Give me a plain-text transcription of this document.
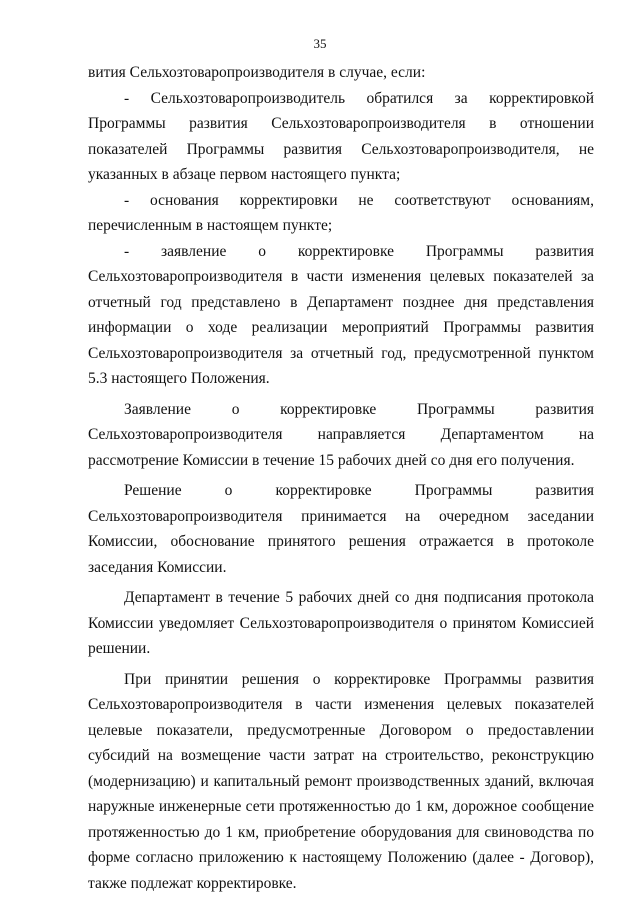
35

вития Сельхозтоваропроизводителя в случае, если:

- Сельхозтоваропроизводитель обратился за корректировкой Программы развития Сельхозтоваропроизводителя в отношении показателей Программы развития Сельхозтоваропроизводителя, не указанных в абзаце первом настоящего пункта;

- основания корректировки не соответствуют основаниям, перечисленным в настоящем пункте;

- заявление о корректировке Программы развития Сельхозтоваропроизводителя в части изменения целевых показателей за отчетный год представлено в Департамент позднее дня представления информации о ходе реализации мероприятий Программы развития Сельхозтоваропроизводителя за отчетный год, предусмотренной пунктом 5.3 настоящего Положения.

Заявление о корректировке Программы развития Сельхозтоваропроизводителя направляется Департаментом на рассмотрение Комиссии в течение 15 рабочих дней со дня его получения.

Решение о корректировке Программы развития Сельхозтоваропроизводителя принимается на очередном заседании Комиссии, обоснование принятого решения отражается в протоколе заседания Комиссии.

Департамент в течение 5 рабочих дней со дня подписания протокола Комиссии уведомляет Сельхозтоваропроизводителя о принятом Комиссией решении.

При принятии решения о корректировке Программы развития Сельхозтоваропроизводителя в части изменения целевых показателей целевые показатели, предусмотренные Договором о предоставлении субсидий на возмещение части затрат на строительство, реконструкцию (модернизацию) и капитальный ремонт производственных зданий, включая наружные инженерные сети протяженностью до 1 км, дорожное сообщение протяженностью до 1 км, приобретение оборудования для свиноводства по форме согласно приложению к настоящему Положению (далее - Договор), также подлежат корректировке.
